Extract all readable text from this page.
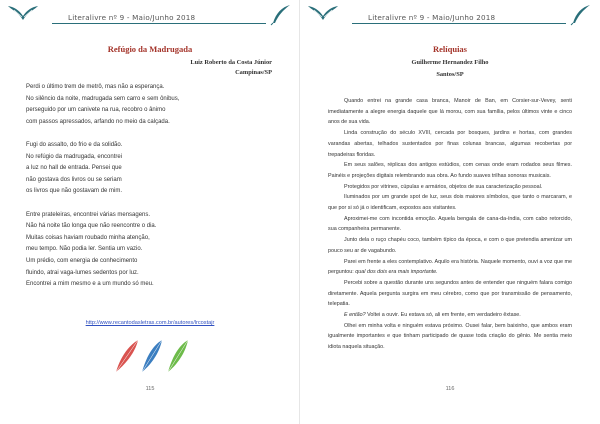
Literalivre nº 9 - Maio/Junho 2018
Refúgio da Madrugada
Luiz Roberto da Costa Júnior
Campinas/SP
Perdi o último trem de metrô, mas não a esperança.
No silêncio da noite, madrugada sem carro e sem ônibus,
perseguido por um canivete na rua, recobro o ânimo
com passos apressados, arfando no meio da calçada.
Fugi do assalto, do frio e da solidão.
No refúgio da madrugada, encontrei
a luz no hall de entrada. Pensei que
não gostava dos livros ou se seriam
os livros que não gostavam de mim.
Entre prateleiras, encontrei várias mensagens.
Não há noite tão longa que não reencontre o dia.
Muitas coisas haviam roubado minha atenção,
meu tempo. Não podia ler. Sentia um vazio.
Um prédio, com energia de conhecimento
fluindo, atrai vaga-lumes sedentos por luz.
Encontrei a mim mesmo e a um mundo só meu.
http://www.recantodasletras.com.br/autores/lrcostajr
115
Literalivre nº 9 - Maio/Junho 2018
Relíquias
Guilherme Hernandez Filho
Santos/SP

Quando entrei na grande casa branca, Manoir de Ban, em Corsier-sur-Vevey, senti imediatamente a alegre energia daquele que lá morou, com sua família, pelos últimos vinte e cinco anos de sua vida.

Linda construção do século XVIII, cercada por bosques, jardins e hortas, com grandes varandas abertas, telhados sustentados por finas colunas brancas, algumas recobertas por trepadeiras floridas.

Em seus salões, réplicas dos antigos estúdios, com cenas onde eram rodados seus filmes. Painéis e projeções digitais relembrando sua obra. Ao fundo suaves trilhas sonoras musicais.

Protegidos por vitrines, cúpulas e armários, objetos de sua caracterização pessoal.

Iluminados por um grande spot de luz, seus dois maiores símbolos, que tanto o marcaram, e que por si só já o identificam, expostos aos visitantes.

Aproximei-me com incontida emoção. Aquela bengala de cana-da-índia, com cabo retorcido, sua companheira permanente.

Junto dela o ruço chapéu coco, também típico da época, e com o que pretendia amenizar um pouco seu ar de vagabundo.

Parei em frente a eles contemplativo. Aquilo era história. Naquele momento, ouvi a voz que me perguntou: qual dos dois era mais importante.

Percebi sobre a questão durante uns segundos antes de entender que ninguém falara comigo diretamente. Aquela pergunta surgira em meu cérebro, como que por transmissão de pensamento, telepatia.

E então? Voltei a ouvir. Eu estava só, ali em frente, em verdadeiro êxtase.

Olhei em minha volta e ninguém estava próximo. Ousei falar, bem baixinho, que ambos eram igualmente importantes e que tinham participado de quase toda criação do gênio. Me sentia meio idiota naquela situação.

116
